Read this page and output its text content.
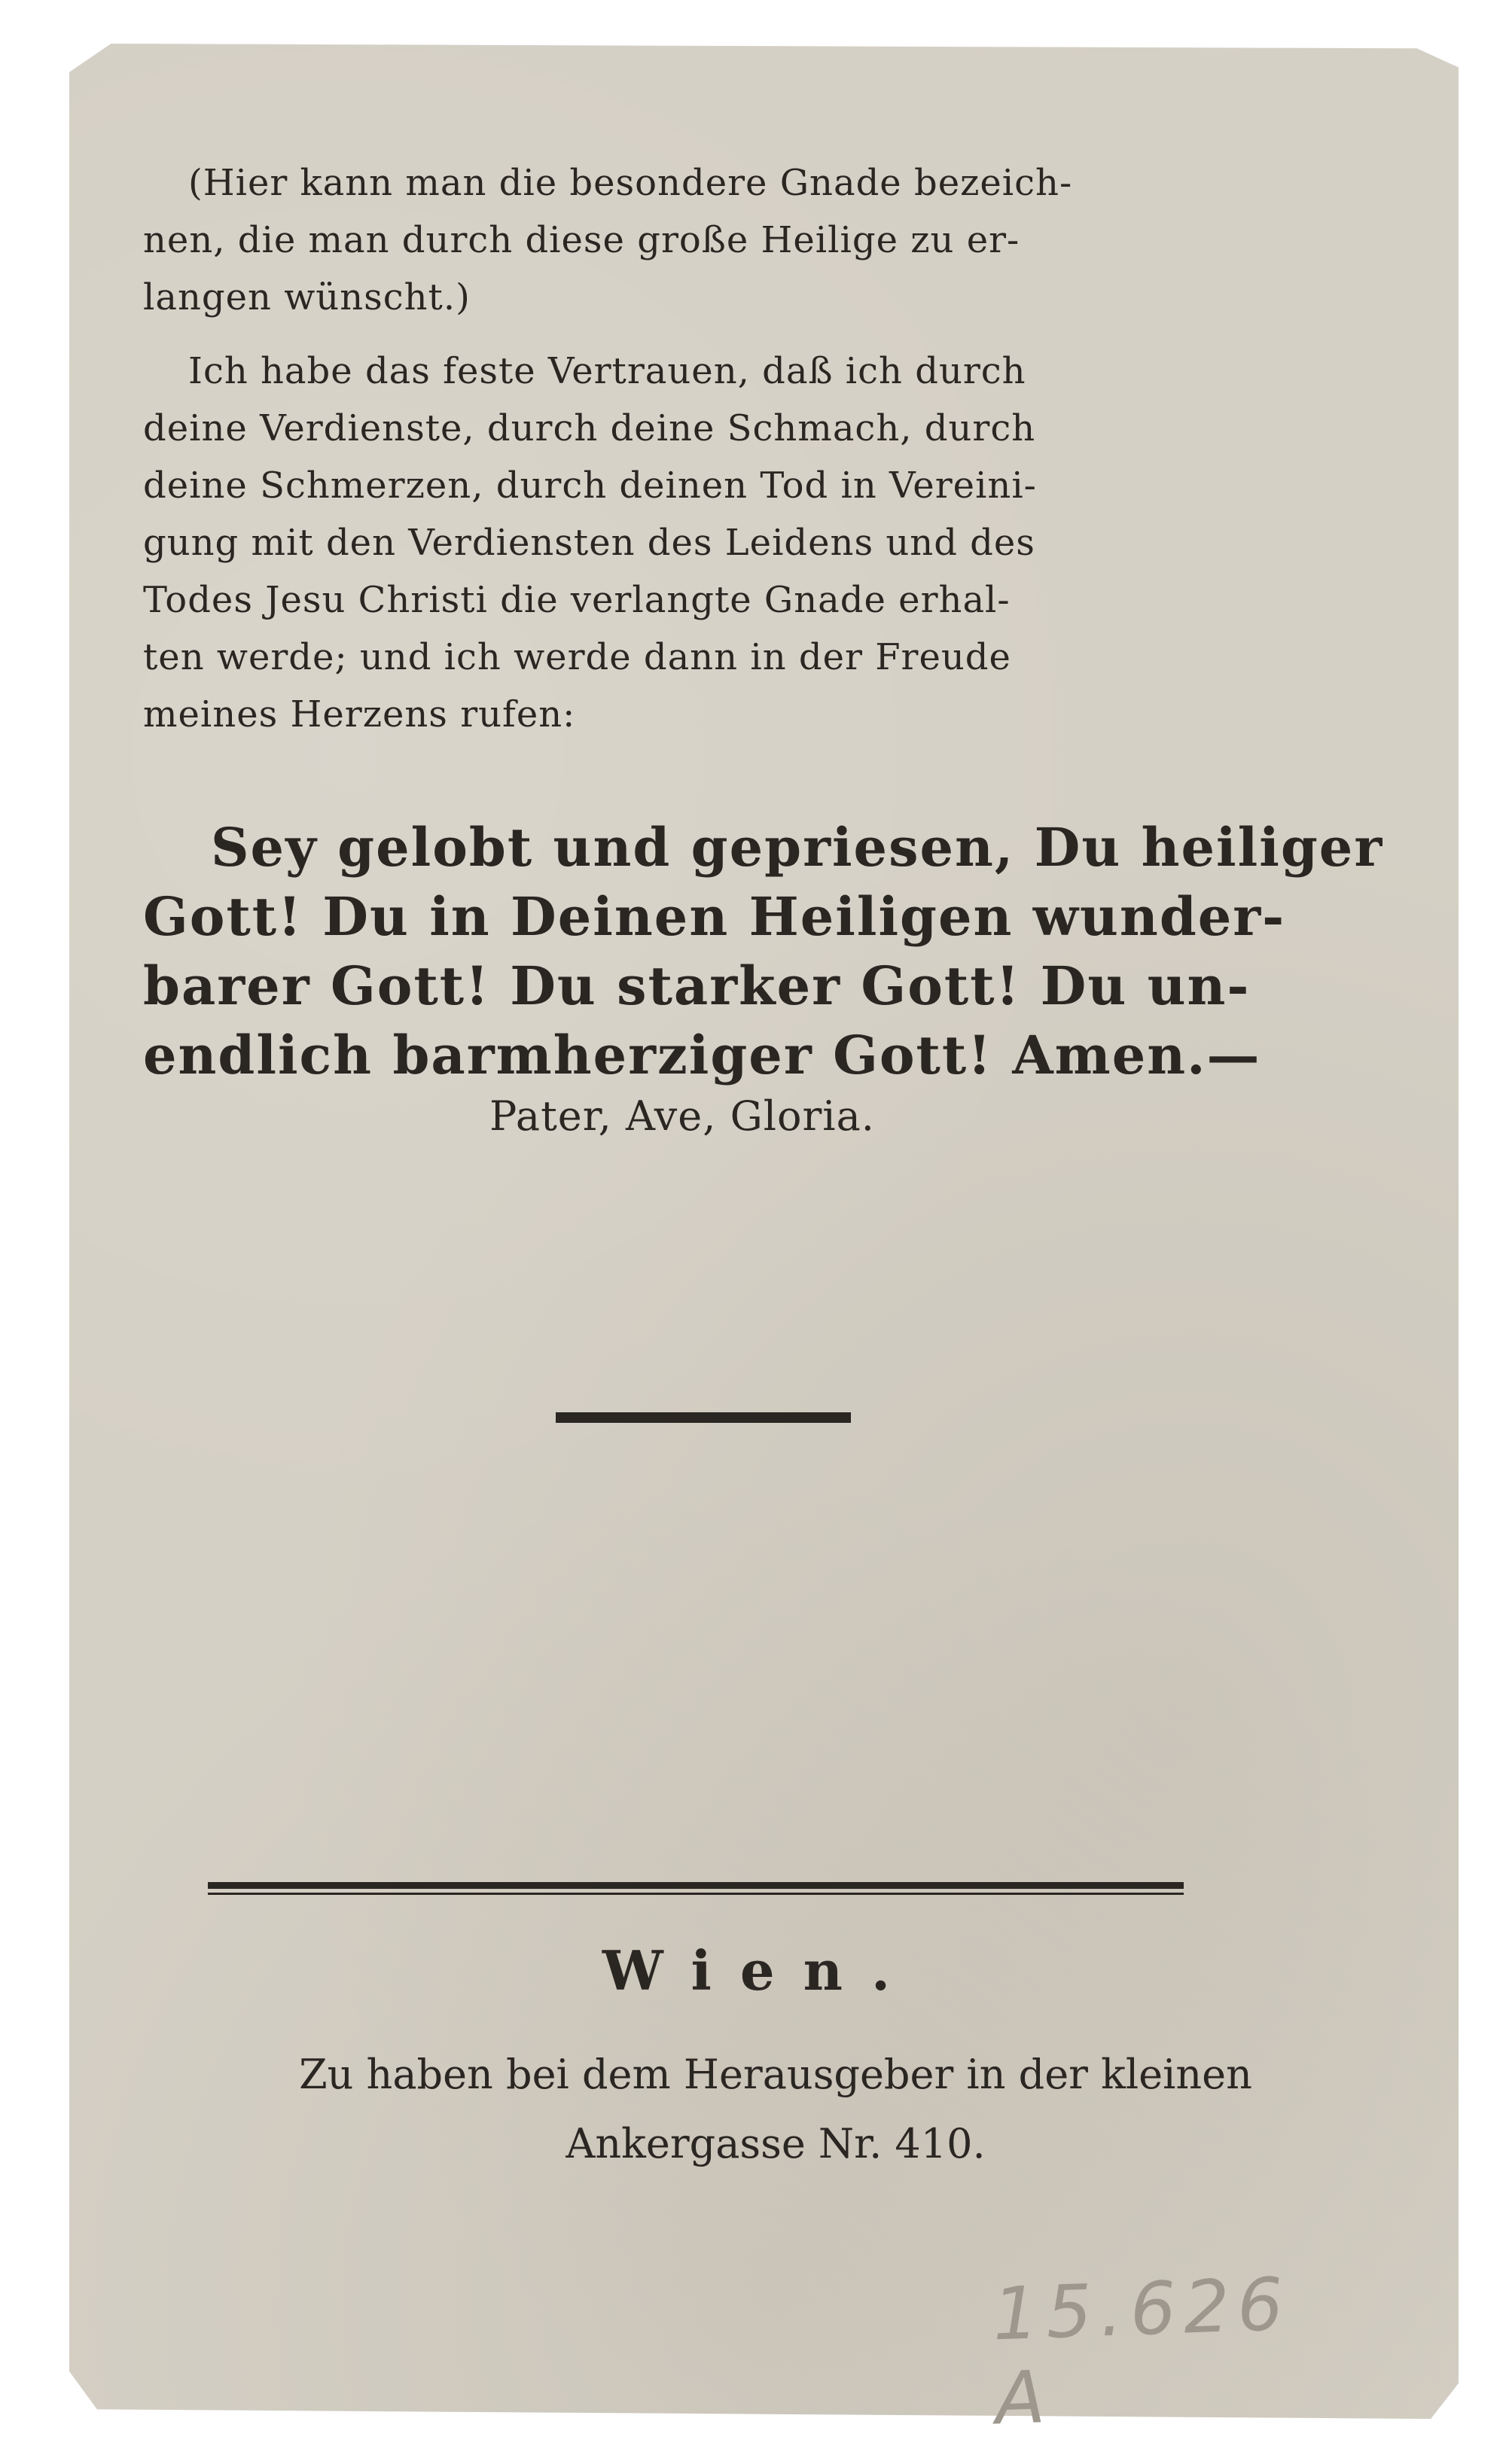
(Hier kann man die besondere Gnade bezeich-
nen, die man durch diese große Heilige zu er-
langen wünscht.)
Ich habe das feste Vertrauen, daß ich durch
deine Verdienste, durch deine Schmach, durch
deine Schmerzen, durch deinen Tod in Vereini-
gung mit den Verdiensten des Leidens und des
Todes Jesu Christi die verlangte Gnade erhal-
ten werde; und ich werde dann in der Freude
meines Herzens rufen:
Sey gelobt und gepriesen, Du heiliger
Gott! Du in Deinen Heiligen wunder-
barer Gott! Du starker Gott! Du un-
endlich barmherziger Gott! Amen.—
Pater, Ave, Gloria.
Wien.
Zu haben bei dem Herausgeber in der kleinen
Ankergasse Nr. 410.
15.626 A
